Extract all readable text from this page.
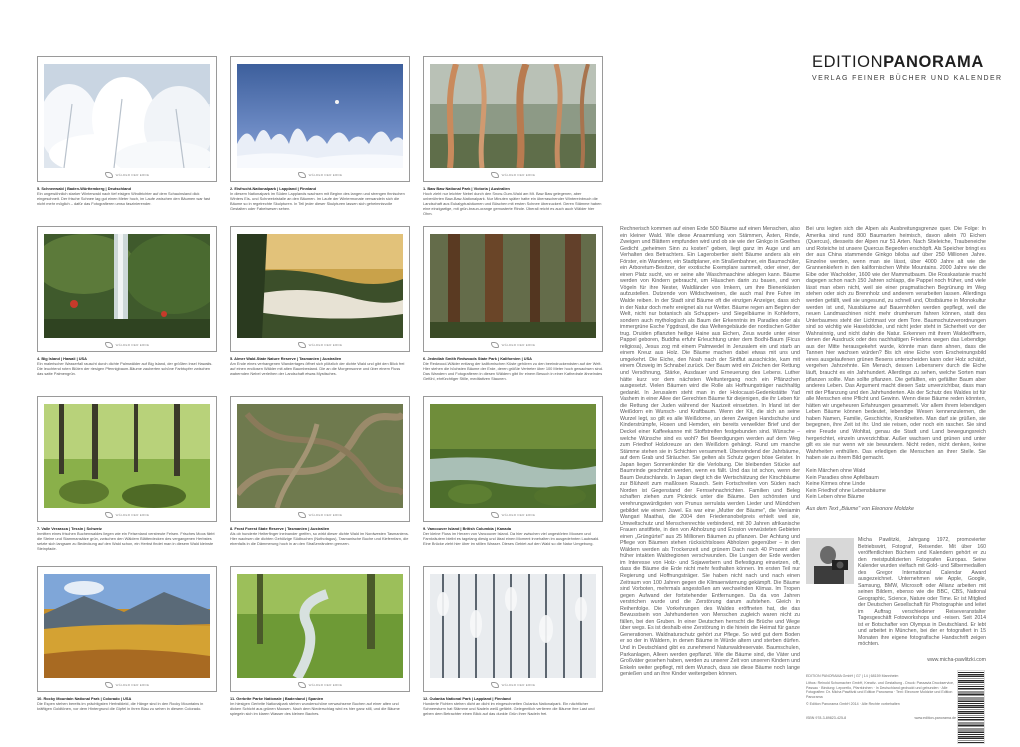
EDITIONPANORAMA
VERLAG FEINER BÜCHER UND KALENDER
WÄLDER DER ERDE
5. Schneewald | Baden-Württemberg | Deutschland
Ein ungewöhnlich starker Winterwald nach tief eisigen Windtrichter auf dem Schauinsland dick eingeschneit. Der frische Schnee lag gut einen Meter hoch, im Laufe zwischen den Bäumen war fast nicht mehr möglich – dafür das Fotografieren umso faszinierender.
WÄLDER DER ERDE
2. Eisfrucht-Nationalpark | Lappland | Finnland
In diesem Nationalpark im Süden Lapplands wachsen mit Beginn des langen und strengen finnischen Winters Eis- und Schneekristalle an den Bäumen. Im Laufe der Wintermonate verwandeln sich die Bäume so in regelrechte Skulpturen. In Teil jeder dieser Skulpturen lassen sich geheimnisvolle Gestalten oder Fabelwesen sehen.
WÄLDER DER ERDE
1. Baw Baw National Park | Victoria | Australien
Hoch zieht nur leichter Nebel durch den Snow-Gum-Wald am Mt. Baw Baw gelegenen, aber unberührten Baw-Baw-Nationalpark. Nur Minuten später hatte ein überraschender Wintereinbruch die Landschaft aus Eukalyptusbäumen und Büschen mit ersten Schnee überzuckert. Deren Stämme haben eine einzigartige, mit grün-braun-orange gemusterte Rinde. Überall reicht es auch auch Wälder hier Ohm.
WÄLDER DER ERDE
4. Big Island | Hawaii | USA
Ein malerischer Wasserfall rauscht durch dichte Palmwälder auf Big Island, der größten Insel Hawaiis. Die leuchtend roten Blüten der riesigen Pfennigbaum-Bäume zauberten schöne Farbtupfer zwischen das satte Palmengrün.
WÄLDER DER ERDE
5. Almer Wald-State Nature Reserve | Tasmanien | Australien
Am Ende eines verhangenen Wandertages öffnet sich plötzlich der dichte Wald und gibt den Blick frei auf einen endlosen Wälder mit alten Baumbestand. Die an die Morgensonne und über einem Fluss wabernden Nebel verleihen der Landschaft etwas Mystisches.
WÄLDER DER ERDE
6. Jedediah Smith Redwoods State Park | Kalifornien | USA
Die Redwood-Wälder entlang der kalifornischen Küste gehören zu den beeindruckendsten auf der Welt. Hier stehen die höchsten Bäume der Erde, deren größte Vertreter über 100 Meter hoch gewachsen sind. Das Wandern und Fotografieren in diesen Wäldern gibt Ihr einem Besuch in einer Kathedrale ähnelndes Gefühl, ehrfürchtiger Stille, meditativen Staunen.
WÄLDER DER ERDE
7. Valle Verzasca | Tessin | Schweiz
Inmitten eines frischen Buchenwaldes liegen wie ein Felsenland verstreute Felsen. Frisches Moos färbt die Steine und Stammansätze grün, zwischen den Wäldern Blätterdecken des vergangenen Herbstes setzte sich langsam zu Bedeckung auf den Wald schon, ein Herbst findet man in diesem Wald kleinste Steinpfade.
WÄLDER DER ERDE
8. Frost Forest State Reserve | Tasmanien | Australien
Als ob hunderte Heiterfinger ineinander greifen, so wirkt dieser dichte Wald im Nordwesten Tasmaniens. Hier wachsen die dichten Gehölzige Südbuchen (Nothofagus), Tasmanische Buche und Kiefernfarn, die ebenfalls in die Dämmerung hoch in an den Straßenrändern grenzen.
WÄLDER DER ERDE
9. Vancouver Island | British Columbia | Kanada
Der kleine Fluss im Herzen von Vancouver Island. Da hier zwischen viel ungestörten Moosen und Farnkräutern bleibt es tagelang diesig und lässt einen Moment innehalten im ausgedehnten Laubwald. Eine Brücke zieht hier über im stillen Wasser. Dieses Gebiet auf den Wald so die Natur Umgebung.
WÄLDER DER ERDE
10. Rocky Mountain National Park | Colorado | USA
Die Espen stehen bereits im prächtigsten Herbstkleid, die Hänge sind in den Rocky Mountains in kräftigen Goldtönen, vor dem Hintergrund die Gipfel in ihren Blau zu sehen in diesem Colorado.
WÄLDER DER ERDE
11. Gerbrite Parke Nationale | Badenland | Spanien
Im hiesigen Gerbrite Nationalpark stehen wunderschöne verwachsene Buchen auf einer alten und dicken Schicht aus grünen Moosen. Nach dem Niederschlag wird es hier ganz still, und die Bäume spiegeln sich im klaren Wasser des kleinen Baches.
WÄLDER DER ERDE
12. Oulanka National Park | Lappland | Finnland
Hunderte Fichten stehen dicht an dicht im eingeschneiten Oulanka Nationalpark. Ein nächtlicher Schneesturm hat Stämme und Nadeln weiß gefärbt. Gelegentlich verlieren die Bäume ihre Last und geben dem Betrachter einen Blick auf das dunkle Grün ihrer Nadeln frei.
Rechnerisch kommen auf einen Erde 500 Bäume auf einen Menschen, also ein kleiner Wald. Wie diese Ansammlung von Stämmen, Ästen, Rinde, Zweigen und Blättern empfunden wird und ob sie wie der Ginkgo in Goethes Gedicht „geheimen Sinn zu kosten" geben, liegt ganz im Auge und am Verhalten des Betrachters. Ein Lagerobertier sieht Bäume anders als ein Förster, ein Wanderer, ein Stadtplaner, ein Straßenbahner, ein Baumschüler, ein Arboretum-Besitzer, der exotische Exemplare sammelt, oder einer, der einen Platz sucht, wo er seine alte Waschmaschine ablegen kann. Bäume werden von Kindern gebraucht, um Häuschen darin zu bauen, und von Vögeln für ihre Nester, Waldländer von Imkern, um ihre Bienenkästen aufzustellen. Dutzende von Wildschweinen, die auch mal ihre Fuhre im Walde reiben. In der Stadt sind Bäume oft die einzigen Anzeiger, dass sich in der Natur doch mehr ereignet als nur Wetter. Bäume regen am Beginn der Welt, nicht nur botanisch als Schuppen- und Siegelbäume in Kohleform, sondern auch mythologisch als Baum der Erkenntnis im Paradies oder als immergrüne Esche Yggdrasil, die das Weltengebäude der nordischen Götter trug. Druiden pflanzten heilige Haine aus Eichen, Zeus wurde unter einer Pappel geboren, Buddha erfuhr Erleuchtung unter dem Bodhi-Baum (Ficus religiosa), Jesus zog mit einem Palmwedel in Jerusalem ein und starb an einem Kreuz aus Holz. Die Bäume machen dabei etwas mit uns und umgekehrt. Die Eiche, den Noah nach der Sintflut ausschickte, kam mit einem Ölzweig im Schnabel zurück. Der Baum wird ein Zeichen der Rettung und Versöhnung, Stärke, Ausdauer und Erneuerung des Lebens. Luther hätte kurz vor dem nächsten Weltuntergang noch ein Pflänzchen ausgesetzt. Vielen Bäumen wird die Rolle als Hoffnungsträger nachhaltig gedankt. In Jerusalem steht man in der Holocaust-Gedenkstätte Yad Vashem in einer Allee der Gerechten Bäume für diejenigen, die ihr Leben für die Rettung der Juden während der Nazizeit einsetzten. In Irland ist der Weißdorn ein Wunsch- und Kraftbaum. Wenn der Kit, die sich an seine Wurzel legt, so gilt es alle Weißdorne, an deren Zweigen Handschuhe und Kinderstrümpfe, Hosen und Hemden, ein bereits verwelkter Brief und der Deckel einer Kaffeekanne mit Stoffstreifen festgebunden sind. Wünsche – welche Wünsche sind es wohl? Bei Beerdigungen werden auf dem Weg zum Friedhof Holzkreuze an den Weißdorn gehängt. Rund um manche Stämme stehen sie in Schichten versammelt. Überwindend der Jahrbäume, auf dem Grab und Sträucher. Sie gelten als Schutz gegen böse Geister. In Japan liegen Sonnenkinder für die Verlobung. Die bleibenden Stücke auf Baumrinde geschnitzt werden, wenn es fällt. Und das ist schon, wenn der Baum Deutschlands. In Japan diegt ich die Wertschätzung der Kirschbäume zur Blühzeit zum maßlosen Rausch. Sein Fortschreiten von Süden nach Norden ist Gegenstand der Fernsehnachrichten. Familien und Beleg schaften ziehen zum Picknick unter die Bäume. Den schönsten und verehrungswürdigsten von Prunus serrulata werden Lieder und Mündchen gebildet wie einem Juwel. Es war eine „Mutter der Bäume", die Veniamin Wangari Maathai, die 2004 den Friedensnobelpreis erhielt weil sie, Umweltschutz und Menschenrechte verbindend, mit 30 Jahren afrikanische Frauen anstiftete, in den von Abholzung und Erosion verwüsteten Gebieten einen „Grüngürtel" aus 25 Millionen Bäumen zu pflanzen. Der Achtung und Pflege von Bäumen stehen rücksichtsloses Abholzen gegenüber – in den Wäldern werden als Trockenzeit und grünem Dach nach 40 Prozent aller früher intakten Waldregionen verschwunden. Die Lungen der Erde werden im Interesse von Holz- und Sojawerbern und Befestigung einsetzen, oft, dass die Bäume die Erde nicht mehr festhalten können. Im ersten Teil nur Regierung und Hoffnungsträger. Sie haben nicht nach und nach einen Zeitraum von 100 Jahren gegen die Klimaerwärmung gekämpft. Die Bäume sind Vorboten, mehrmals angestoßen am wechselnden Klimas. Im Tropen gegen Aufwand der fortstehender Entfernungen. Da da von Jahren verstrichen wurde und die Zerstörung darum aufstehen. Gleich in Reihenfolge. Die Vorkehrungen des Waldes eröffneten hat, die das Bewusstsein von Jahrhunderten von Menschen zugleich waren nicht zu fällen, bei den Gruben. In einer Deutschen herrscht die Brüche und Wege über wegs. Es ist deshalb eine Zerstörung in die hinein die Heimat für ganze Generationen. Waldnaturschutz gehört zur Pflege. So wird gut dem Boden er so der in Wäldern, in denen Bäume in Würde altern und sterben dürfen. Und in Deutschland gibt es zunehmend Naturwaldreservate. Baumschulen, Parkanlagen, Alleen werden gepflanzt. Wie die Bäume sind, die Väter und Großväter gesehen haben, werden zu unserer Zeit von unseren Kindern und Enkeln weiter gepflegt, mit dem Wunsch, dass sie diese Bäume noch lange genießen und an ihre Kinder weitergeben können.
Bei uns legten sich die Alpen als Ausbreitungsgrenze quer. Die Folge: In Amerika sind rund 800 Baumarten heimisch, davon allein 70 Eichen (Quercus), diesseits der Alpen nur 51 Arten. Nach Stieleiche, Traubeneiche und Roteiche ist unsere Quercus Begeofen erschöpft. Als Speicher bringt es der aus China stammende Ginkgo biloba auf über 250 Millionen Jahre. Einzelne werden, wenn man sie lässt, über 4000 Jahre alt wie die Grannenkiefern in den kalifornischen White Mountains. 2000 Jahre wie die Eibe oder Wacholder, 1600 wie der Mammutbaum. Die Rosskastanie macht dagegen schon nach 150 Jahren schlapp, die Pappel noch früher, und viele lässt man eben nicht, weil sie einer pragmatischen Begrünung im Weg stehen oder sich zu Brennholz und anderem verarbeiten lassen. Allerdings werden gefällt, weil sie ungesund, zu schnell und, Obstbäume in Monokultur werden ist und, Nussbäume auf Bauernhöfen werden gepflegt, weil die neuen Landmaschinen nicht mehr drumherum fahren können, statt des Unterbaumes steht der Lichtmast vor dem Tore. Baumschutzverordnungen sind so wichtig wie Haselstöcke, und nicht jeder steht in Sicherheit vor der Wahnsinnig, und nicht dahin die Natur. Erkennen mit ihrem Waldeöffnern, denen der Ausdruck oder des nachhaltigen Friedens wegen das Lebendige aus der Mitte herausgekehrt wurde, könnte man dann ahnen, dass die Tannen hier wachsen würden? Bis ich eine Eiche vom Erscheinungsbild eines ausgelaufenen grünen Besens unterscheiden kann oder Holz schätzt, vergehen Jahrzehnte. Ein Mensch, dessen Lebensnerv durch die Eiche läuft, braucht es ein Jahrhundert. Allerdings zu sehen, welche Sorten man pflanzen sollte. Man sollte pflanzen. Die gefällten, ein gefällter Baum aber anderes Leben. Das Argument macht diesen Satz unverzichtbar, dass man mit der Pflanzung und den Jahrhunderten. Als der Schutz des Waldes ist für alle Menschen eine Pflicht und Gewinn. Wenn diese Bäume reden könnten, hätten wir ungeheuren Erfahrungen gesammelt. Vor allem ihrem lebendigen Leben Bäume können bedeutet, lebendige Wesen kennenzulernen, die haben Namen, Familie, Geschichte, Krankheiten. Man darf sie grüßen, sie begegnen, ihre Zeit ist ihr. Und sie reisen, oder noch ein rascher. Sie sind eine Freude und Wohltat, genau die Stadt und Land bewegungsreich hergerichtet, einzeln unverzichtbar. Außer wachsen und grünen und unter gilt es sie nur wenn wir sie bewundern. Nicht reden, nicht denken, keine Wahrheiten enthüllen. Das erledigen die Menschen an ihrer Stelle. Sie haben sie zu ihrem Bild gemacht.
Kein Märchen ohne Wald
Kein Paradies ohne Apfelbaum
Keine Kirmes ohne Linde
Kein Friedhof ohne Lebensbäume
Kein Leben ohne Bäume
Aus dem Text „Bäume" von Eleonore Moldzke
Micha Pawlitzki, Jahrgang 1972, promovierter Betriebswirt, Fotograf, Reisender. Mit über 160 veröffentlichten Büchern und Kalendern gehört er zu den meistpublizierten Fotografen Europas. Seine Kalender wurden vielfach mit Gold- und Silbermedaillen des Gregor International Calendar Award ausgezeichnet. Unternehmen wie Apple, Google, Samsung, BMW, Microsoft oder Allianz arbeiten mit seinen Bildern, ebenso wie die BBC, CBS, National Geographic, Science, Nature oder Time. Er ist Mitglied der Deutschen Gesellschaft für Photographie und leitet im Auftrag verschiedener Reiseveranstalter Tagesgeschäft Fotoworkshops und -reisen. Seit 2014 ist er Botschafter von Olympus in Deutschland. Er lebt und arbeitet in München, bei der er fotografiert in 15 Monaten ihre eigene fotografische Handschrift zeigen möchten.
www.micha-pawlitzki.com

EDITION PANORAMA GmbH | G7 | 14 | 68159 Mannheim

Lithos: Reinold Schumacher GmbH, Kreativ- und Gestaltung - Druck: Passavia Druckservice, Passau · Bindung: Leporello, Pfarrkirchen · In Deutschland gedruckt und gebunden · Alle Fotografien: Dr. Micha Pawlitzki und Edition Panorama · Text: Eleonore Moldzke und Edition Panorama

© Edition Panorama GmbH 2014 · Alle Rechte vorbehalten

ISBN 978-3-89823-425-8	www.edition-panorama.de
